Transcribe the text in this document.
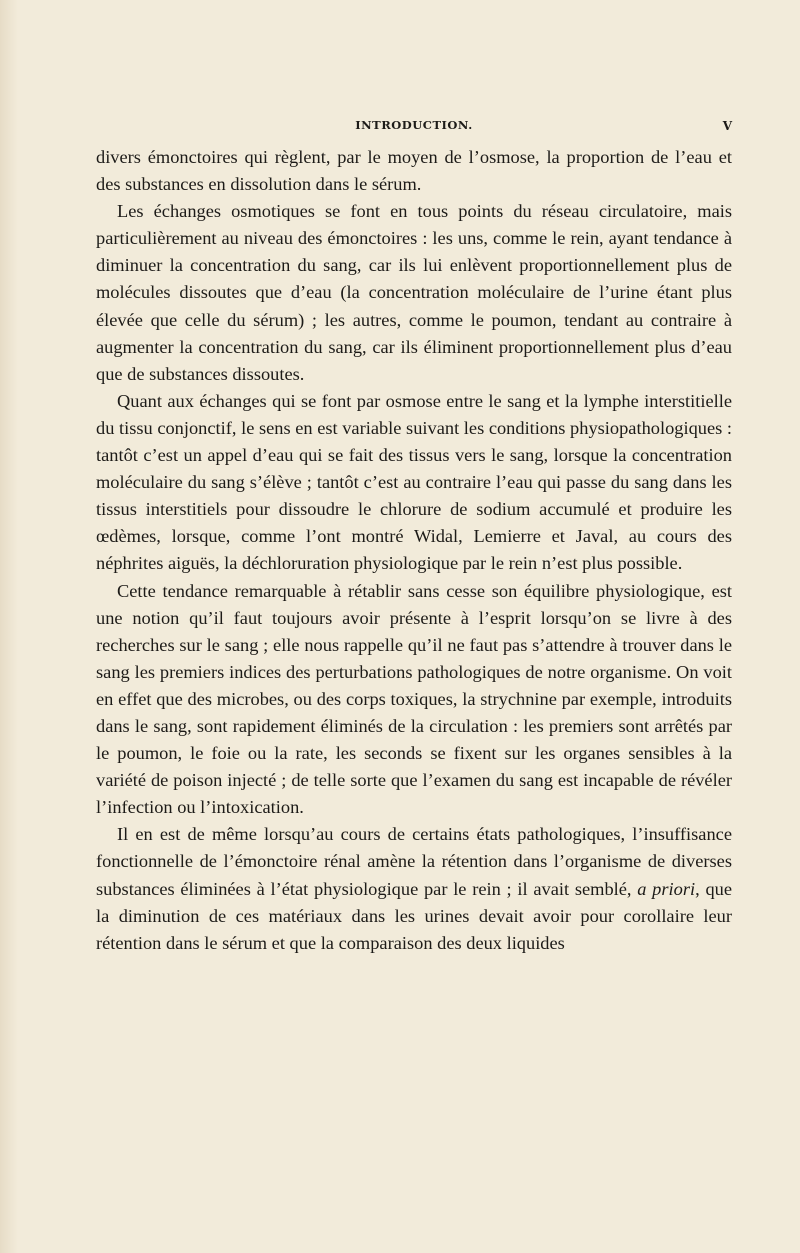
INTRODUCTION.	V

divers émonctoires qui règlent, par le moyen de l’osmose, la proportion de l’eau et des substances en dissolution dans le sérum.

Les échanges osmotiques se font en tous points du réseau circulatoire, mais particulièrement au niveau des émonctoires : les uns, comme le rein, ayant tendance à diminuer la concentration du sang, car ils lui enlèvent proportionnellement plus de molécules dissoutes que d’eau (la concentration moléculaire de l’urine étant plus élevée que celle du sérum) ; les autres, comme le poumon, tendant au contraire à augmenter la concentration du sang, car ils éliminent proportionnellement plus d’eau que de substances dissoutes.

Quant aux échanges qui se font par osmose entre le sang et la lymphe interstitielle du tissu conjonctif, le sens en est variable suivant les conditions physiopathologiques : tantôt c’est un appel d’eau qui se fait des tissus vers le sang, lorsque la concentration moléculaire du sang s’élève ; tantôt c’est au contraire l’eau qui passe du sang dans les tissus interstitiels pour dissoudre le chlorure de sodium accumulé et produire les œdèmes, lorsque, comme l’ont montré Widal, Lemierre et Javal, au cours des néphrites aiguës, la déchloruration physiologique par le rein n’est plus possible.

Cette tendance remarquable à rétablir sans cesse son équilibre physiologique, est une notion qu’il faut toujours avoir présente à l’esprit lorsqu’on se livre à des recherches sur le sang ; elle nous rappelle qu’il ne faut pas s’attendre à trouver dans le sang les premiers indices des perturbations pathologiques de notre organisme. On voit en effet que des microbes, ou des corps toxiques, la strychnine par exemple, introduits dans le sang, sont rapidement éliminés de la circulation : les premiers sont arrêtés par le poumon, le foie ou la rate, les seconds se fixent sur les organes sensibles à la variété de poison injecté ; de telle sorte que l’examen du sang est incapable de révéler l’infection ou l’intoxication.

Il en est de même lorsqu’au cours de certains états pathologiques, l’insuffisance fonctionnelle de l’émonctoire rénal amène la rétention dans l’organisme de diverses substances éliminées à l’état physiologique par le rein ; il avait semblé, a priori, que la diminution de ces matériaux dans les urines devait avoir pour corollaire leur rétention dans le sérum et que la comparaison des deux liquides
